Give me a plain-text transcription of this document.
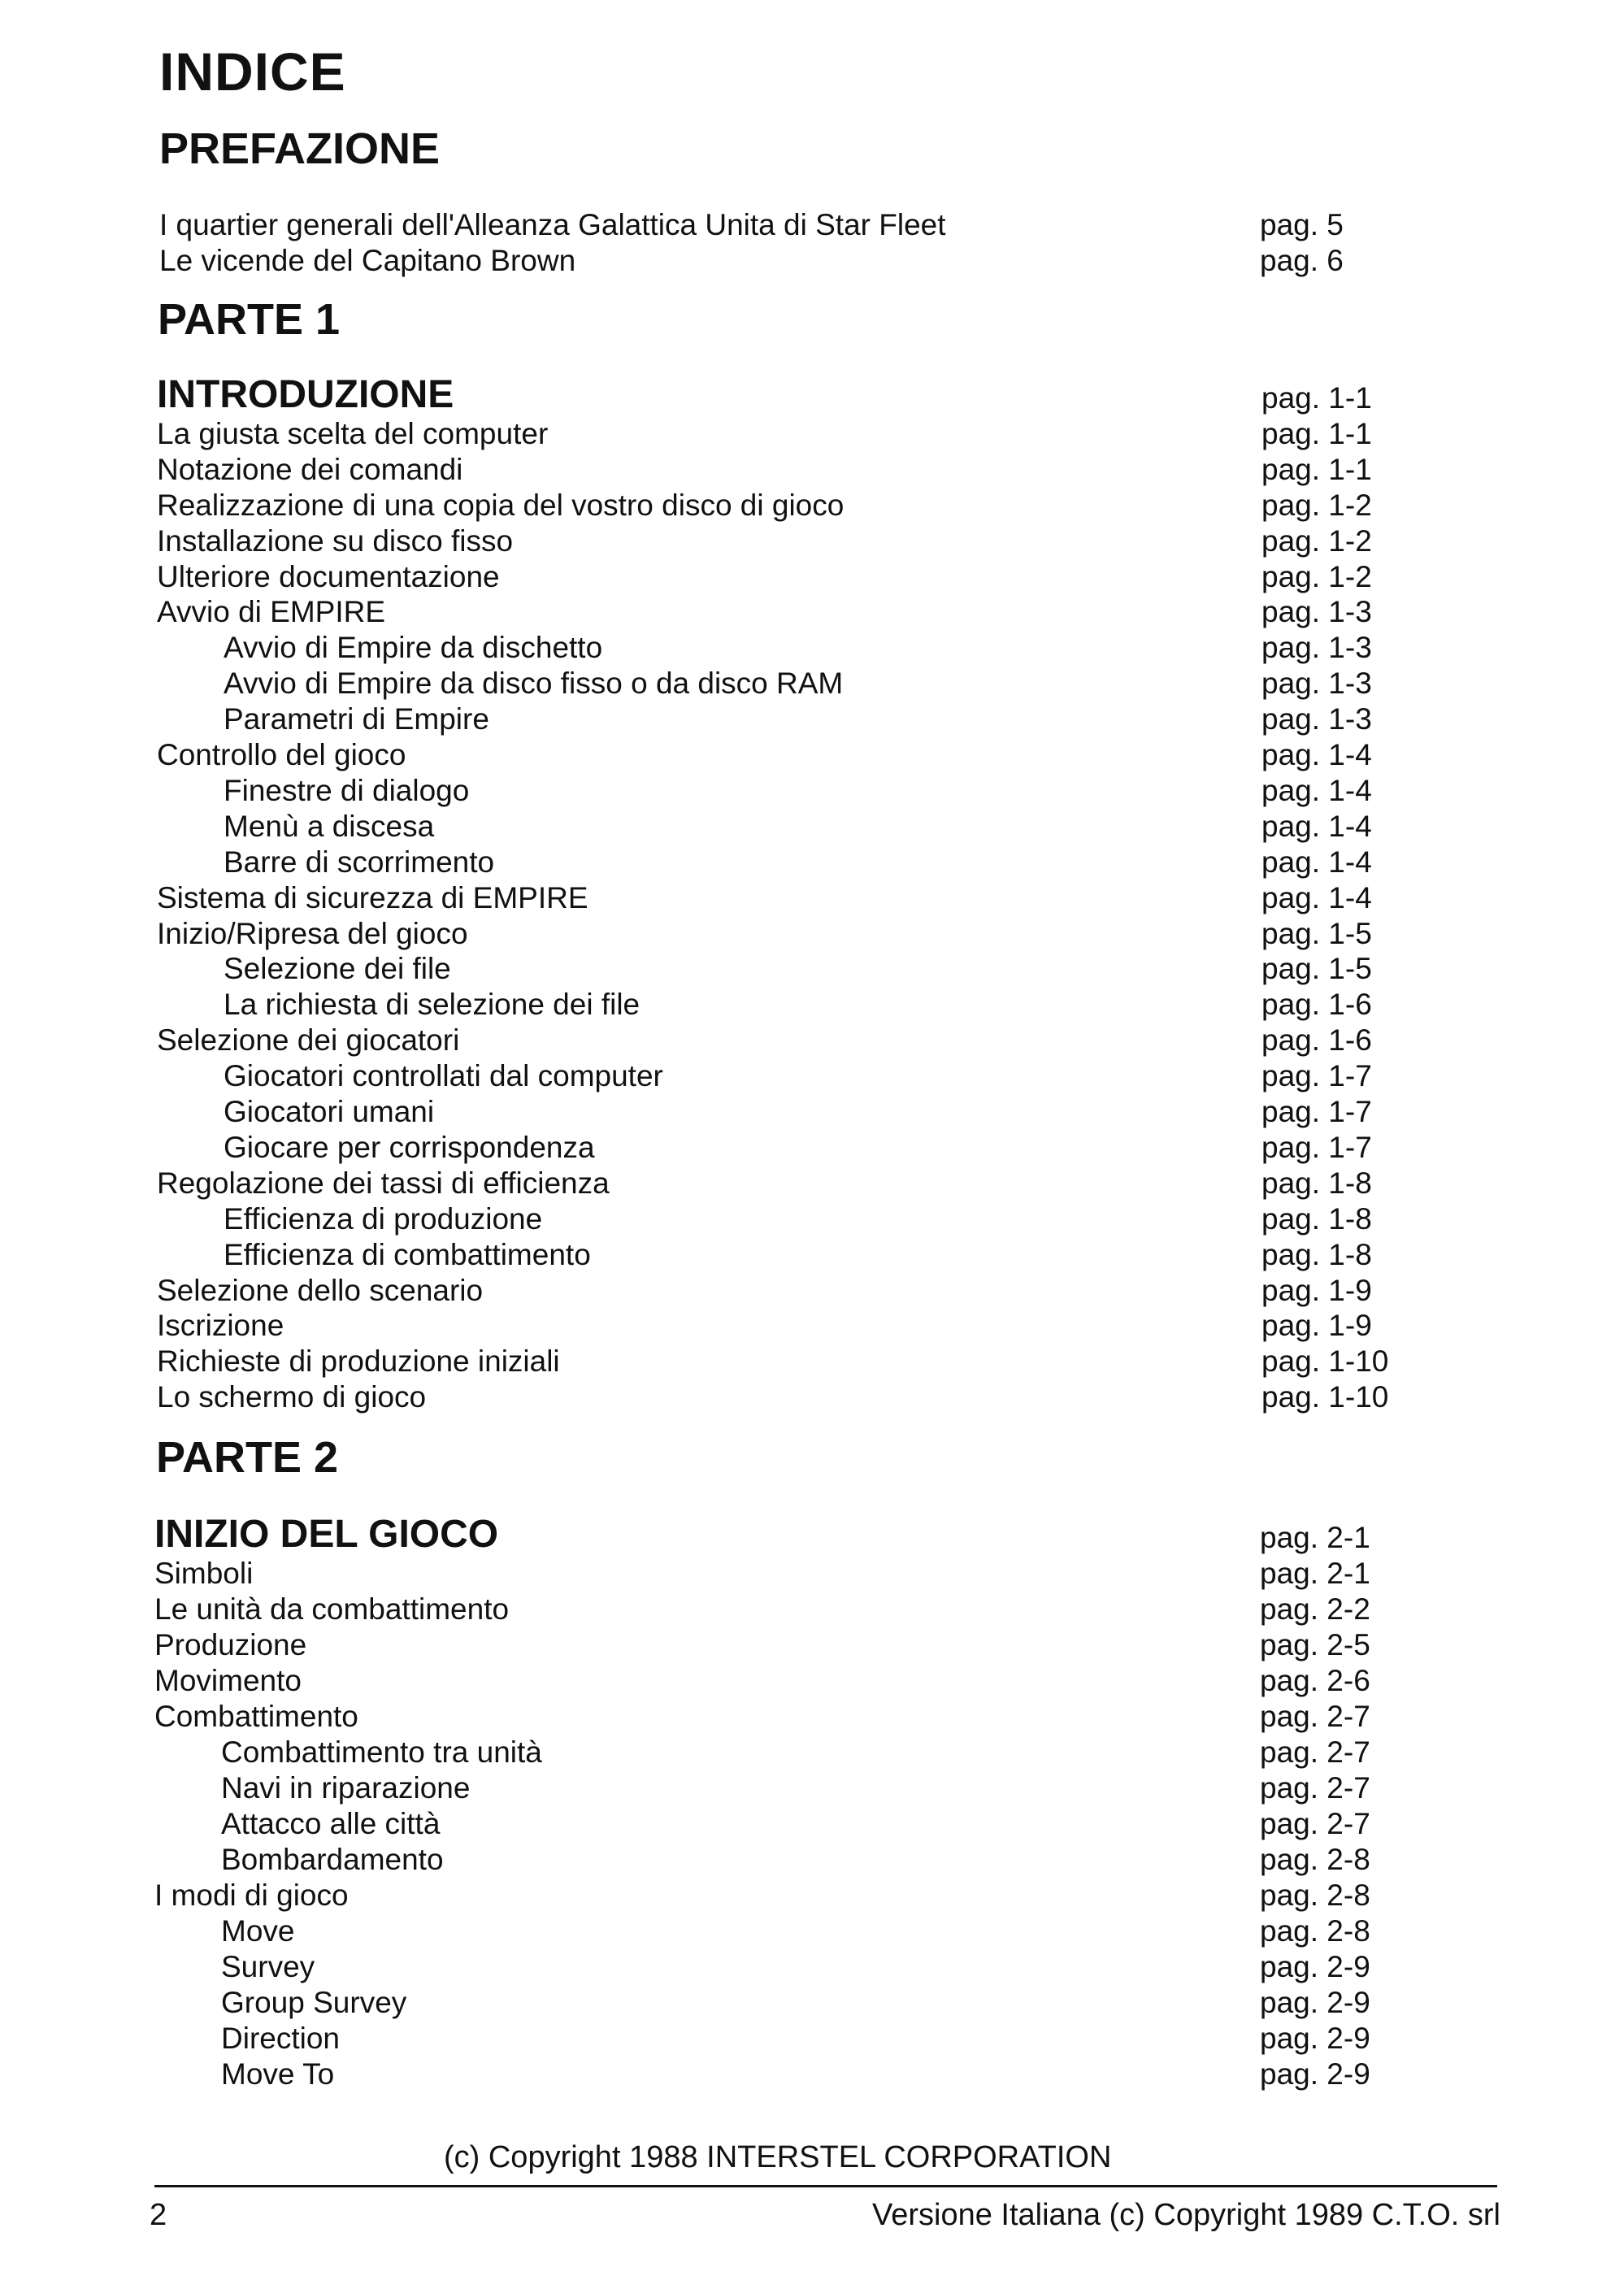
INDICE
PREFAZIONE
PARTE 1
PARTE 2
I quartier generali dell'Alleanza Galattica Unita di Star Fleet	pag. 5
Le vicende del Capitano Brown	pag. 6
INTRODUZIONE	pag. 1-1
La giusta scelta del computer	pag. 1-1
Notazione dei comandi	pag. 1-1
Realizzazione di una copia del vostro disco di gioco	pag. 1-2
Installazione su disco fisso	pag. 1-2
Ulteriore documentazione	pag. 1-2
Avvio di EMPIRE	pag. 1-3
Avvio di Empire da dischetto	pag. 1-3
Avvio di Empire da disco fisso o da disco RAM	pag. 1-3
Parametri di Empire	pag. 1-3
Controllo del gioco	pag. 1-4
Finestre di dialogo	pag. 1-4
Menù a discesa	pag. 1-4
Barre di scorrimento	pag. 1-4
Sistema di sicurezza di EMPIRE	pag. 1-4
Inizio/Ripresa del gioco	pag. 1-5
Selezione dei file	pag. 1-5
La richiesta di selezione dei file	pag. 1-6
Selezione dei giocatori	pag. 1-6
Giocatori controllati dal computer	pag. 1-7
Giocatori umani	pag. 1-7
Giocare per corrispondenza	pag. 1-7
Regolazione dei tassi di efficienza	pag. 1-8
Efficienza di produzione	pag. 1-8
Efficienza di combattimento	pag. 1-8
Selezione dello scenario	pag. 1-9
Iscrizione	pag. 1-9
Richieste di produzione iniziali	pag. 1-10
Lo schermo di gioco	pag. 1-10
INIZIO DEL GIOCO	pag. 2-1
Simboli	pag. 2-1
Le unità da combattimento	pag. 2-2
Produzione	pag. 2-5
Movimento	pag. 2-6
Combattimento	pag. 2-7
Combattimento tra unità	pag. 2-7
Navi in riparazione	pag. 2-7
Attacco alle città	pag. 2-7
Bombardamento	pag. 2-8
I modi di gioco	pag. 2-8
Move	pag. 2-8
Survey	pag. 2-9
Group Survey	pag. 2-9
Direction	pag. 2-9
Move To	pag. 2-9
(c) Copyright 1988 INTERSTEL CORPORATION
2	Versione Italiana (c) Copyright 1989 C.T.O. srl
